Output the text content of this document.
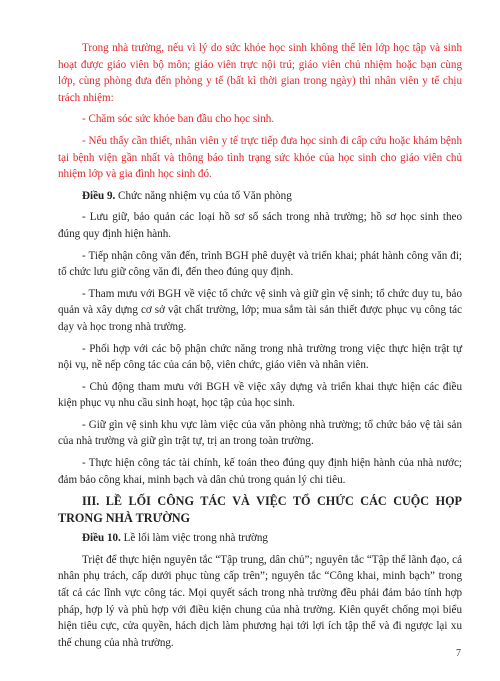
Trong nhà trường, nếu vì lý do sức khỏe học sinh không thể lên lớp học tập và sinh hoạt được giáo viên bộ môn; giáo viên trực nội trú; giáo viên chủ nhiệm hoặc bạn cùng lớp, cùng phòng đưa đến phòng y tế (bất kì thời gian trong ngày) thì nhân viên y tế chịu trách nhiệm:

- Chăm sóc sức khỏe ban đầu cho học sinh.

- Nếu thấy cần thiết, nhân viên y tế trực tiếp đưa học sinh đi cấp cứu hoặc khám bệnh tại bệnh viện gần nhất và thông báo tình trạng sức khỏe của học sinh cho giáo viên chủ nhiệm lớp và gia đình học sinh đó.

Điều 9. Chức năng nhiệm vụ của tổ Văn phòng

- Lưu giữ, bảo quản các loại hồ sơ sổ sách trong nhà trường; hồ sơ học sinh theo đúng quy định hiện hành.

- Tiếp nhận công văn đến, trình BGH phê duyệt và triển khai; phát hành công văn đi; tổ chức lưu giữ công văn đi, đến theo đúng quy định.

- Tham mưu với BGH về việc tổ chức vệ sinh và giữ gìn vệ sinh; tổ chức duy tu, bảo quản và xây dựng cơ sở vật chất trường, lớp; mua sắm tài sản thiết được phục vụ công tác dạy và học trong nhà trường.

- Phối hợp với các bộ phận chức năng trong nhà trường trong việc thực hiện trật tự nội vụ, nề nếp công tác của cán bộ, viên chức, giáo viên và nhân viên.

- Chủ động tham mưu với BGH về việc xây dựng và triển khai thực hiện các điều kiện phục vụ nhu cầu sinh hoạt, học tập của học sinh.

- Giữ gìn vệ sinh khu vực làm việc của văn phòng nhà trường; tổ chức bảo vệ tài sản của nhà trường và giữ gìn trật tự, trị an trong toàn trường.

- Thực hiện công tác tài chính, kế toán theo đúng quy định hiện hành của nhà nước; đảm bảo công khai, minh bạch và dân chủ trong quản lý chi tiêu.

III. LỀ LỐI CÔNG TÁC VÀ VIỆC TỔ CHỨC CÁC CUỘC HỌP TRONG NHÀ TRƯỜNG

Điều 10. Lề lối làm việc trong nhà trường

Triệt để thực hiện nguyên tắc “Tập trung, dân chủ”; nguyên tắc “Tập thể lãnh đạo, cá nhân phụ trách, cấp dưới phục tùng cấp trên”; nguyên tắc “Công khai, minh bạch” trong tất cả các lĩnh vực công tác. Mọi quyết sách trong nhà trường đều phải đảm bảo tính hợp pháp, hợp lý và phù hợp với điều kiện chung của nhà trường. Kiên quyết chống mọi biểu hiện tiêu cực, cửa quyền, hách dịch làm phương hại tới lợi ích tập thể và đi ngược lại xu thế chung của nhà trường.

7
